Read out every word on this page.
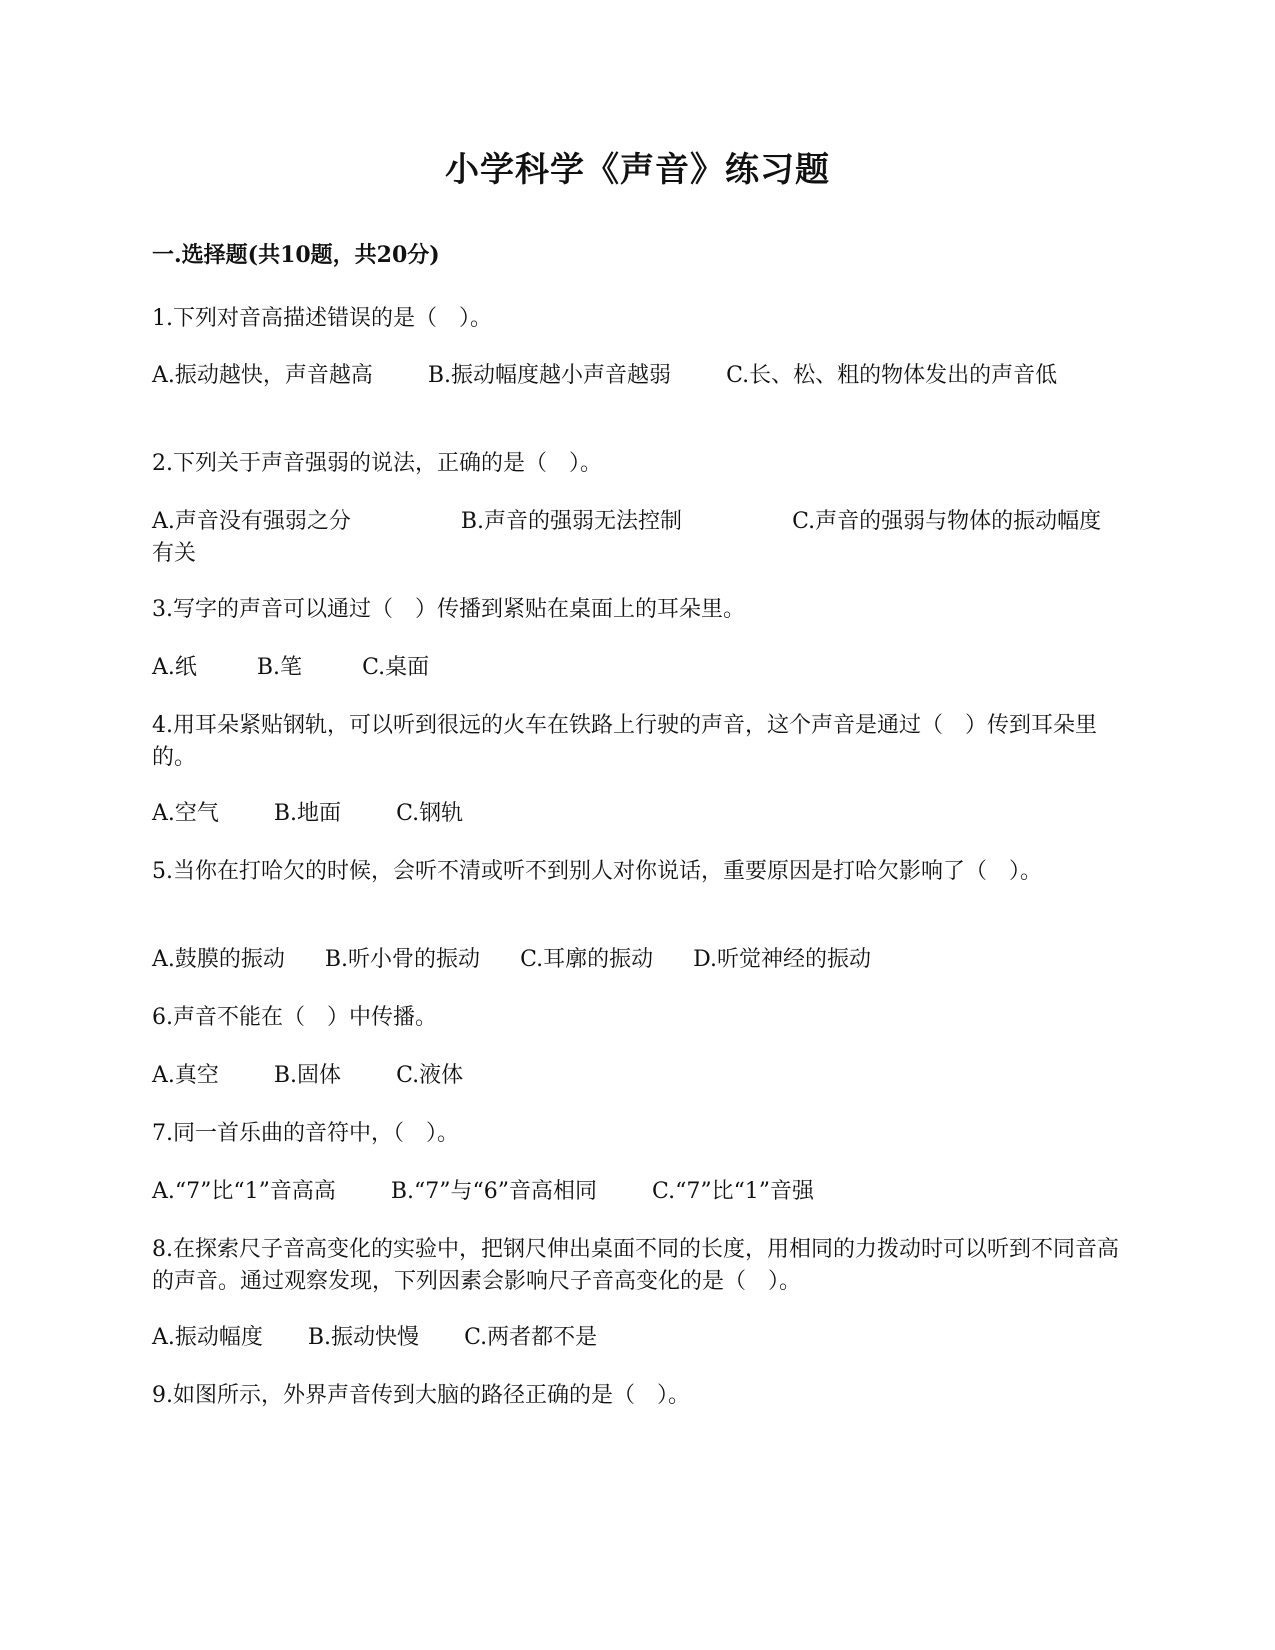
小学科学《声音》练习题
一.选择题(共10题，共20分)
1.下列对音高描述错误的是（　）。
A.振动越快，声音越高	B.振动幅度越小声音越弱	C.长、松、粗的物体发出的声音低
2.下列关于声音强弱的说法，正确的是（　）。
A.声音没有强弱之分	B.声音的强弱无法控制	C.声音的强弱与物体的振动幅度有关
3.写字的声音可以通过（　）传播到紧贴在桌面上的耳朵里。
A.纸	B.笔	C.桌面
4.用耳朵紧贴钢轨，可以听到很远的火车在铁路上行驶的声音，这个声音是通过（　）传到耳朵里的。
A.空气	B.地面	C.钢轨
5.当你在打哈欠的时候，会听不清或听不到别人对你说话，重要原因是打哈欠影响了（　）。
A.鼓膜的振动 B.听小骨的振动 C.耳廓的振动 D.听觉神经的振动
6.声音不能在（　）中传播。
A.真空	B.固体	C.液体
7.同一首乐曲的音符中，（　）。
A.“7”比“1”音高高	B.“7”与“6”音高相同	C.“7”比“1”音强
8.在探索尺子音高变化的实验中，把钢尺伸出桌面不同的长度，用相同的力拨动时可以听到不同音高的声音。通过观察发现，下列因素会影响尺子音高变化的是（　）。
A.振动幅度 B.振动快慢 C.两者都不是
9.如图所示，外界声音传到大脑的路径正确的是（　）。
